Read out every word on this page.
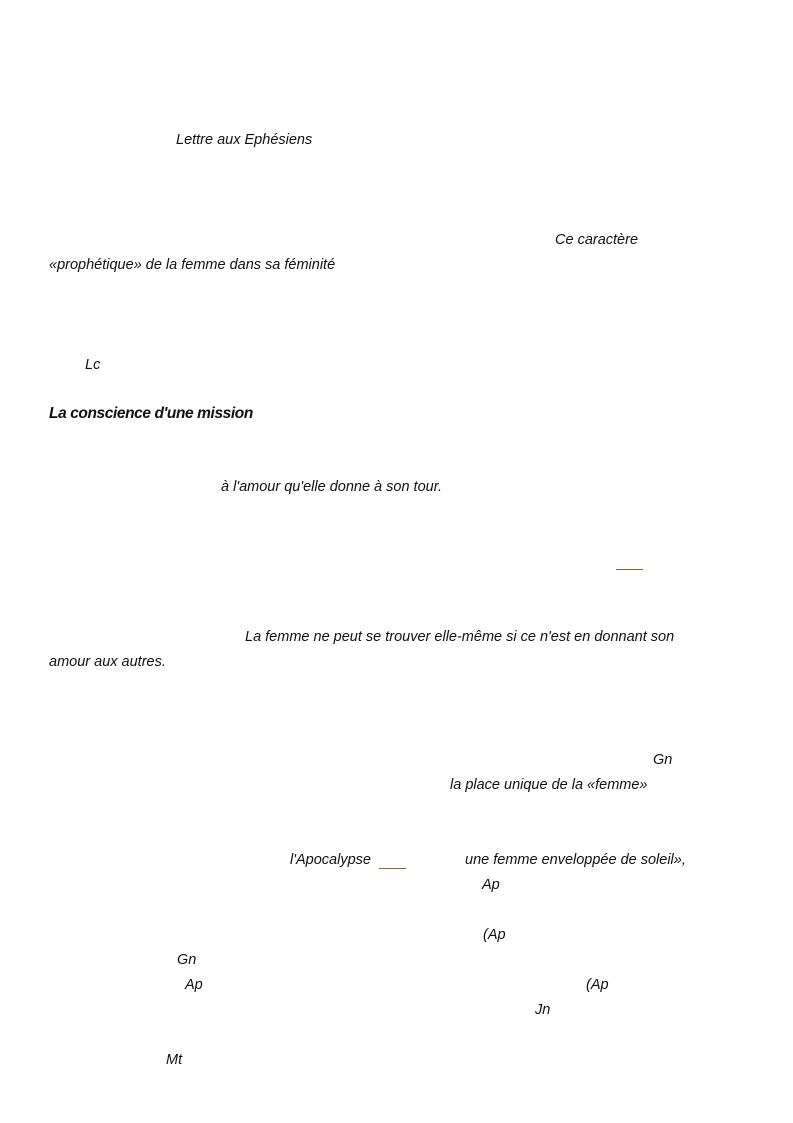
Lettre aux Ephésiens
Ce caractère
«prophétique» de la femme dans sa féminité
Lc
La conscience d'une mission
à l'amour qu'elle donne à son tour.
La femme ne peut se trouver elle-même si ce n'est en donnant son
amour aux autres.
Gn
la place unique de la «femme»
l'Apocalypse	une femme enveloppée de soleil»,
Ap
(Ap
Gn
Ap	(Ap
Jn
Mt
